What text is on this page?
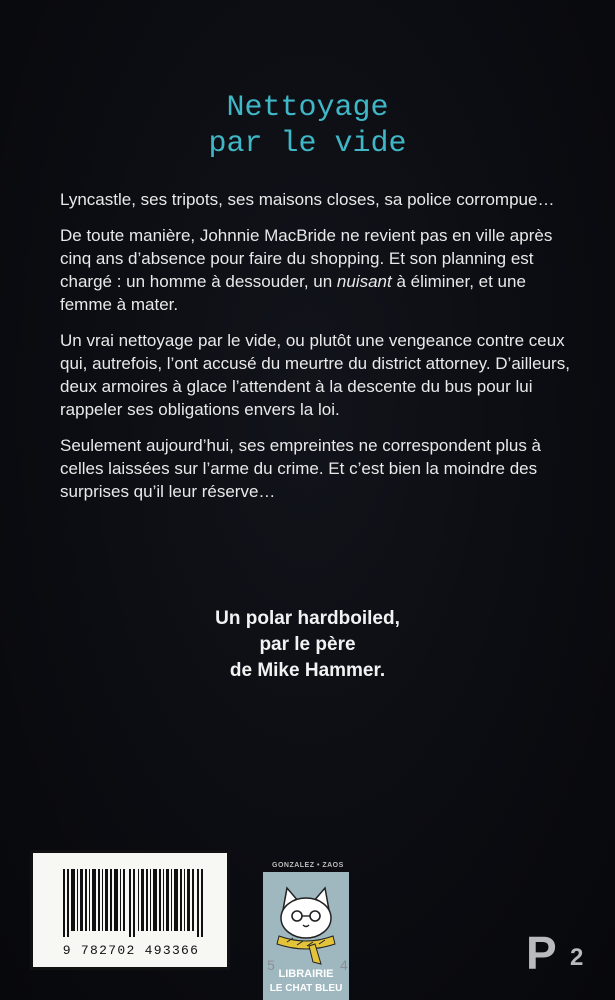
Nettoyage
par le vide

Lyncastle, ses tripots, ses maisons closes, sa police corrompue…

De toute manière, Johnnie MacBride ne revient pas en ville après cinq ans d’absence pour faire du shopping. Et son planning est chargé : un homme à dessouder, un nuisant à éliminer, et une femme à mater.

Un vrai nettoyage par le vide, ou plutôt une vengeance contre ceux qui, autrefois, l’ont accusé du meurtre du district attorney. D’ailleurs, deux armoires à glace l’attendent à la descente du bus pour lui rappeler ses obligations envers la loi.

Seulement aujourd’hui, ses empreintes ne correspondent plus à celles laissées sur l’arme du crime. Et c’est bien la moindre des surprises qu’il leur réserve…

Un polar hardboiled,
par le père
de Mike Hammer.
9 782702 493366
GONZALEZ • ZAOS
LIBRAIRIE
LE CHAT BLEU
5	4	P 2
